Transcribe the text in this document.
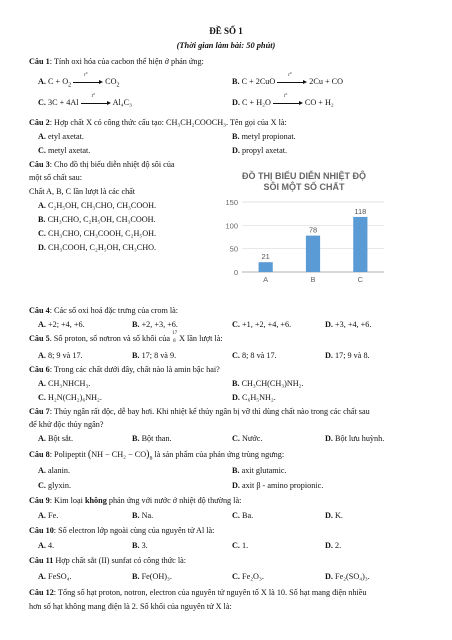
ĐỀ SỐ 1
(Thời gian làm bài: 50 phút)
Câu 1: Tính oxi hóa của cacbon thể hiện ở phản ứng:
A. $C + O_2$
t°
$CO_2$	B. C + 2CuO
t°
2Cu + CO
C. 3C + 4Al
t°
Al₄C₃	D. C + H₂O
t°
CO + H₂
Câu 2: Hợp chất X có công thức cấu tạo: CH₃CH₂COOCH₃. Tên gọi của X là:
A. etyl axetat.	B. metyl propionat.
C. metyl axetat.	D. propyl axetat.
Câu 3: Cho đồ thị biểu diễn nhiệt độ sôi của
một số chất sau:
Chất A, B, C lần lượt là các chất
A. C₂H₅OH, CH₃CHO, CH₃COOH.
B. CH₃CHO, C₂H₅OH, CH₃COOH.
C. CH₃CHO, CH₃COOH, C₂H₅OH.
D. CH₃COOH, C₂H₅OH, CH₃CHO.
ĐỒ THỊ BIỂU DIỄN NHIỆT ĐỘ
SÔI MỘT SỐ CHẤT
0
50
100
150
21
A
78
B
118
C
Câu 4: Các số oxi hoá đặc trưng của crom là:
A. +2; +4, +6.	B. +2, +3, +6.	C. +1, +2, +4, +6.	D. +3, +4, +6.
Câu 5. Số proton, số nơtron và số khối của
17
8 X lần lượt là:
A. 8; 9 và 17.	B. 17; 8 và 9.	C. 8; 8 và 17.	D. 17; 9 và 8.
Câu 6: Trong các chất dưới đây, chất nào là amin bậc hai?
A. CH₃NHCH₃.	B. CH₃CH(CH₃)NH₂.
C. H₂N(CH₂)₆NH₂.	D. C₆H₅NH₂.
Câu 7: Thủy ngân rất độc, dễ bay hơi. Khi nhiệt kế thủy ngân bị vỡ thì dùng chất nào trong các chất sau
để khử độc thủy ngân?
A. Bột sắt.	B. Bột than.	C. Nước.	D. Bột lưu huỳnh.
Câu 8: Polipeptit $(NH - CH_2 - CO)_n$ là sản phẩm của phản ứng trùng ngưng:
A. alanin.	B. axit glutamic.
C. glyxin.	D. axit β - amino propionic.
Câu 9: Kim loại không phản ứng với nước ở nhiệt độ thường là:
A. Fe.	B. Na.	C. Ba.	D. K.
Câu 10: Số electron lớp ngoài cùng của nguyên tử Al là:
A. 4.	B. 3.	C. 1.	D. 2.
Câu 11 Hợp chất sắt (II) sunfat có công thức là:
A. FeSO₄.	B. Fe(OH)₃.	C. Fe₂O₃.	D. Fe₂(SO₄)₃.
Câu 12: Tổng số hạt proton, notron, electron của nguyên tử nguyên tố X là 10. Số hạt mang điện nhiều
hơn số hạt không mang điện là 2. Số khối của nguyên tử X là:
